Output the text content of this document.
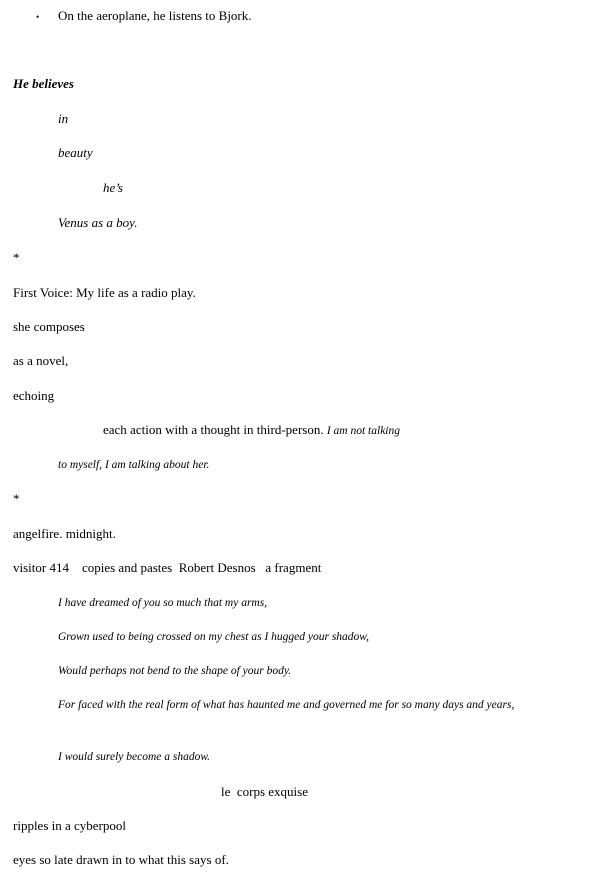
• On the aeroplane, he listens to Bjork.
He believes
in
beauty
he’s
Venus as a boy.
*
First Voice: My life as a radio play.
she composes
as a novel,
echoing
each action with a thought in third-person. I am not talking
to myself, I am talking about her.
*
angelfire. midnight.
visitor 414    copies and pastes  Robert Desnos   a fragment
I have dreamed of you so much that my arms,
Grown used to being crossed on my chest as I hugged your shadow,
Would perhaps not bend to the shape of your body.
For faced with the real form of what has haunted me and governed me for so many days and years,
I would surely become a shadow.
le  corps exquise
ripples in a cyberpool
eyes so late drawn in to what this says of.
